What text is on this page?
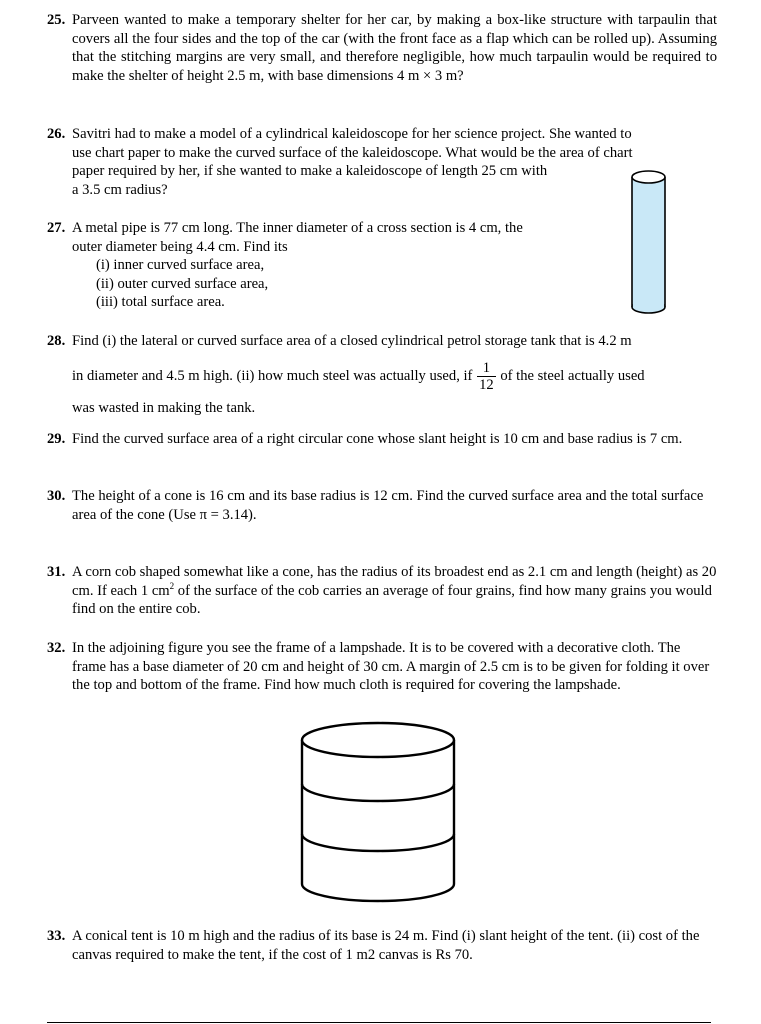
25. Parveen wanted to make a temporary shelter for her car, by making a box-like structure with tarpaulin that covers all the four sides and the top of the car (with the front face as a flap which can be rolled up). Assuming that the stitching margins are very small, and therefore negligible, how much tarpaulin would be required to make the shelter of height 2.5 m, with base dimensions 4 m × 3 m?
26. Savitri had to make a model of a cylindrical kaleidoscope for her science project. She wanted to
use chart paper to make the curved surface of the kaleidoscope. What would be the area of chart
paper required by her, if she wanted to make a kaleidoscope of length 25 cm with
a 3.5 cm radius?
27. A metal pipe is 77 cm long. The inner diameter of a cross section is 4 cm, the
outer diameter being 4.4 cm. Find its
(i) inner curved surface area,
(ii) outer curved surface area,
(iii) total surface area.
28. Find (i) the lateral or curved surface area of a closed cylindrical petrol storage tank that is 4.2 m
in diameter and 4.5 m high. (ii) how much steel was actually used, if $\frac{1}{12}$ of the steel actually used
was wasted in making the tank.
29. Find the curved surface area of a right circular cone whose slant height is 10 cm and base radius is 7 cm.
30. The height of a cone is 16 cm and its base radius is 12 cm. Find the curved surface area and the total surface area of the cone (Use π = 3.14).
31. A corn cob shaped somewhat like a cone, has the radius of its broadest end as 2.1 cm and length (height) as 20 cm. If each 1 $cm^2$ of the surface of the cob carries an average of four grains, find how many grains you would find on the entire cob.
32. In the adjoining figure you see the frame of a lampshade. It is to be covered with a decorative cloth. The frame has a base diameter of 20 cm and height of 30 cm. A margin of 2.5 cm is to be given for folding it over the top and bottom of the frame. Find how much cloth is required for covering the lampshade.
33. A conical tent is 10 m high and the radius of its base is 24 m. Find (i) slant height of the tent. (ii) cost of the canvas required to make the tent, if the cost of 1 m2 canvas is Rs 70.
